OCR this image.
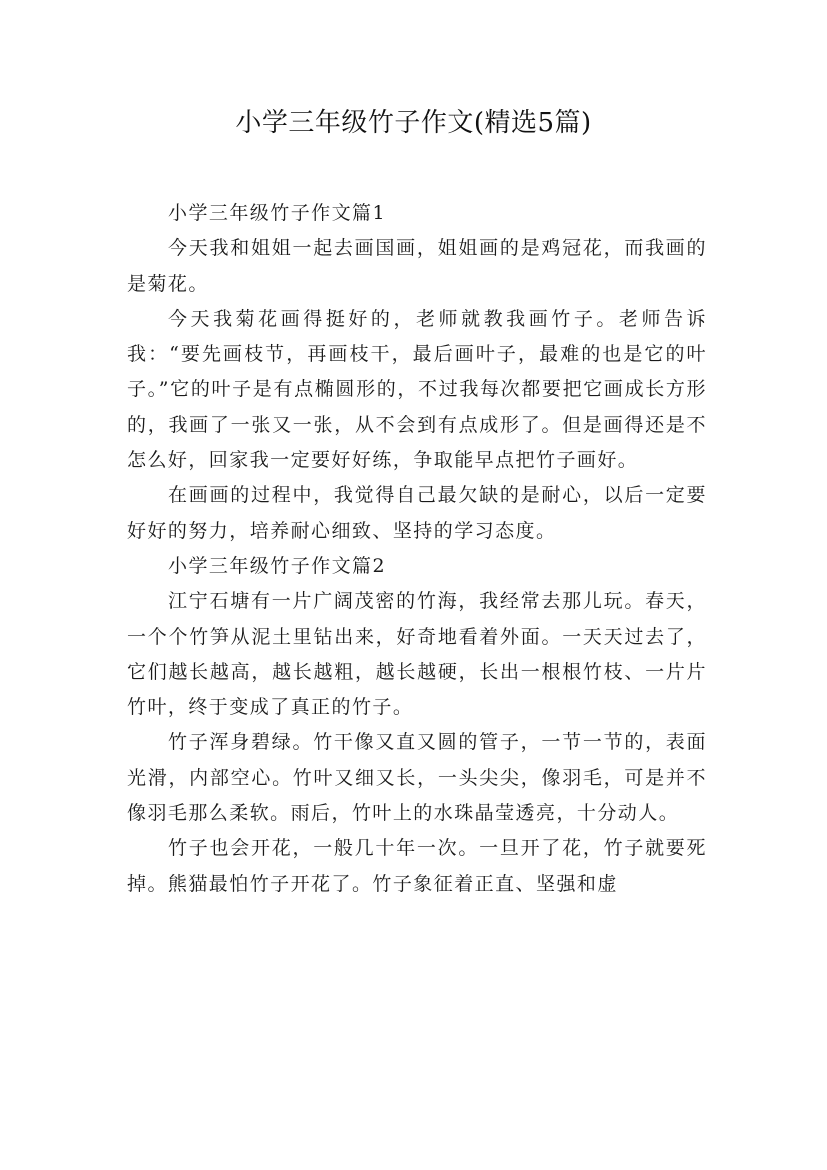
小学三年级竹子作文(精选5篇)

小学三年级竹子作文篇1

今天我和姐姐一起去画国画，姐姐画的是鸡冠花，而我画的是菊花。

今天我菊花画得挺好的，老师就教我画竹子。老师告诉我：“要先画枝节，再画枝干，最后画叶子，最难的也是它的叶子。”它的叶子是有点椭圆形的，不过我每次都要把它画成长方形的，我画了一张又一张，从不会到有点成形了。但是画得还是不怎么好，回家我一定要好好练，争取能早点把竹子画好。

在画画的过程中，我觉得自己最欠缺的是耐心，以后一定要好好的努力，培养耐心细致、坚持的学习态度。

小学三年级竹子作文篇2

江宁石塘有一片广阔茂密的竹海，我经常去那儿玩。春天，一个个竹笋从泥土里钻出来，好奇地看着外面。一天天过去了，它们越长越高，越长越粗，越长越硬，长出一根根竹枝、一片片竹叶，终于变成了真正的竹子。

竹子浑身碧绿。竹干像又直又圆的管子，一节一节的，表面光滑，内部空心。竹叶又细又长，一头尖尖，像羽毛，可是并不像羽毛那么柔软。雨后，竹叶上的水珠晶莹透亮，十分动人。

竹子也会开花，一般几十年一次。一旦开了花，竹子就要死掉。熊猫最怕竹子开花了。竹子象征着正直、坚强和虚
